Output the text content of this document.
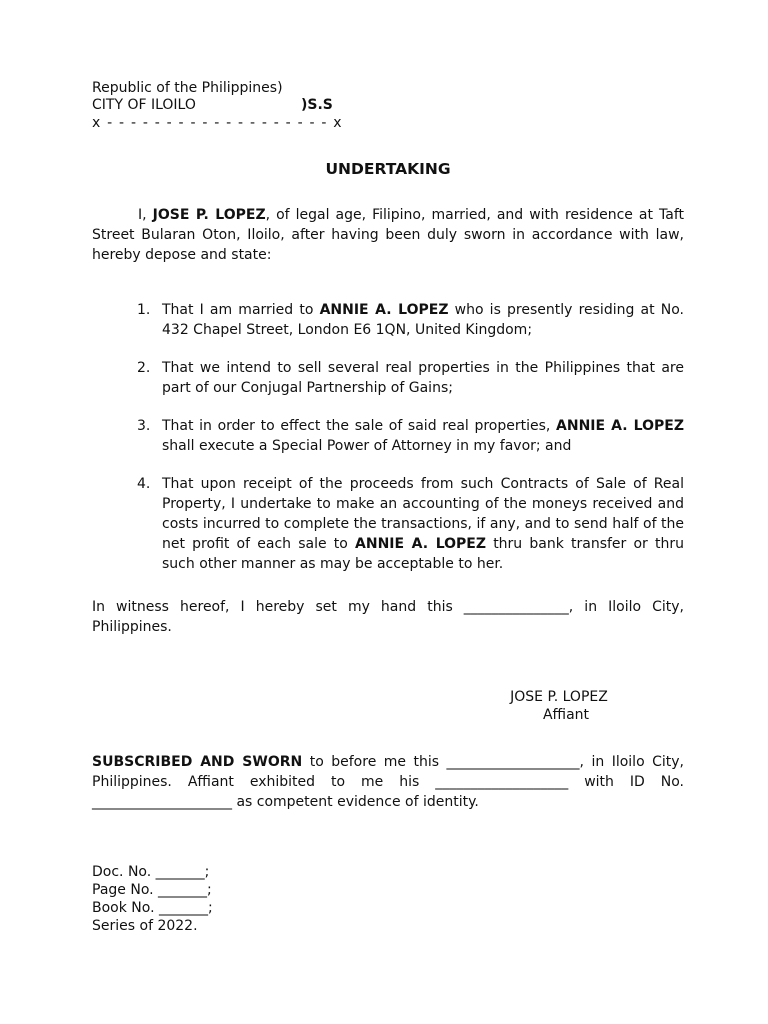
Republic of the Philippines)
CITY OF ILOILO	)S.S
x - - - - - - - - - - - - - - - - - - - x
UNDERTAKING

I, JOSE P. LOPEZ, of legal age, Filipino, married, and with residence at Taft Street Bularan Oton, Iloilo, after having been duly sworn in accordance with law, hereby depose and state:

1. That I am married to ANNIE A. LOPEZ who is presently residing at No. 432 Chapel Street, London E6 1QN, United Kingdom;
2. That we intend to sell several real properties in the Philippines that are part of our Conjugal Partnership of Gains;
3. That in order to effect the sale of said real properties, ANNIE A. LOPEZ shall execute a Special Power of Attorney in my favor; and
4. That upon receipt of the proceeds from such Contracts of Sale of Real Property, I undertake to make an accounting of the moneys received and costs incurred to complete the transactions, if any, and to send half of the net profit of each sale to ANNIE A. LOPEZ thru bank transfer or thru such other manner as may be acceptable to her.

In witness hereof, I hereby set my hand this _______________, in Iloilo City, Philippines.

JOSE P. LOPEZ
Affiant

SUBSCRIBED AND SWORN to before me this ___________________, in Iloilo City, Philippines. Affiant exhibited to me his ___________________ with ID No. ____________________ as competent evidence of identity.

Doc. No. _______;
Page No. _______;
Book No. _______;
Series of 2022.
